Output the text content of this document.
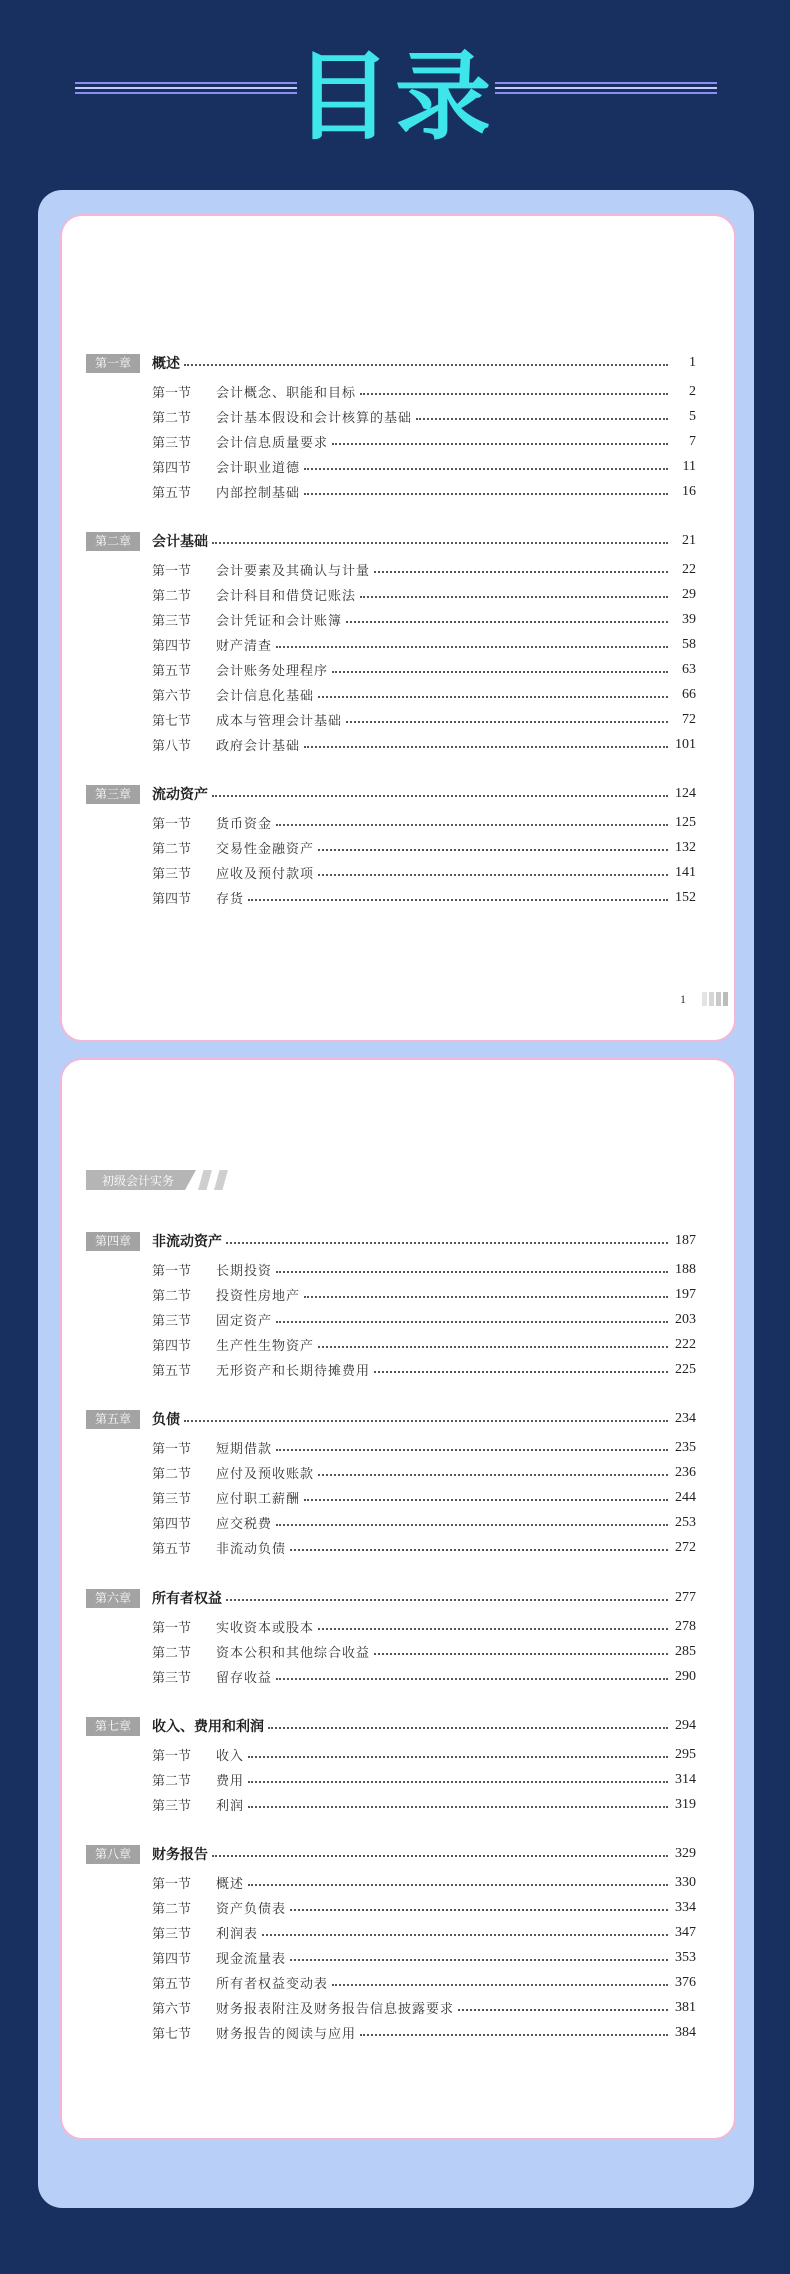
目录
第一章	概述	1
第一节	会计概念、职能和目标	2
第二节	会计基本假设和会计核算的基础	5
第三节	会计信息质量要求	7
第四节	会计职业道德	11
第五节	内部控制基础	16
第二章	会计基础	21
第一节	会计要素及其确认与计量	22
第二节	会计科目和借贷记账法	29
第三节	会计凭证和会计账簿	39
第四节	财产清查	58
第五节	会计账务处理程序	63
第六节	会计信息化基础	66
第七节	成本与管理会计基础	72
第八节	政府会计基础	101
第三章	流动资产	124
第一节	货币资金	125
第二节	交易性金融资产	132
第三节	应收及预付款项	141
第四节	存货	152
1
初级会计实务
第四章	非流动资产	187
第一节	长期投资	188
第二节	投资性房地产	197
第三节	固定资产	203
第四节	生产性生物资产	222
第五节	无形资产和长期待摊费用	225
第五章	负债	234
第一节	短期借款	235
第二节	应付及预收账款	236
第三节	应付职工薪酬	244
第四节	应交税费	253
第五节	非流动负债	272
第六章	所有者权益	277
第一节	实收资本或股本	278
第二节	资本公积和其他综合收益	285
第三节	留存收益	290
第七章	收入、费用和利润	294
第一节	收入	295
第二节	费用	314
第三节	利润	319
第八章	财务报告	329
第一节	概述	330
第二节	资产负债表	334
第三节	利润表	347
第四节	现金流量表	353
第五节	所有者权益变动表	376
第六节	财务报表附注及财务报告信息披露要求	381
第七节	财务报告的阅读与应用	384
